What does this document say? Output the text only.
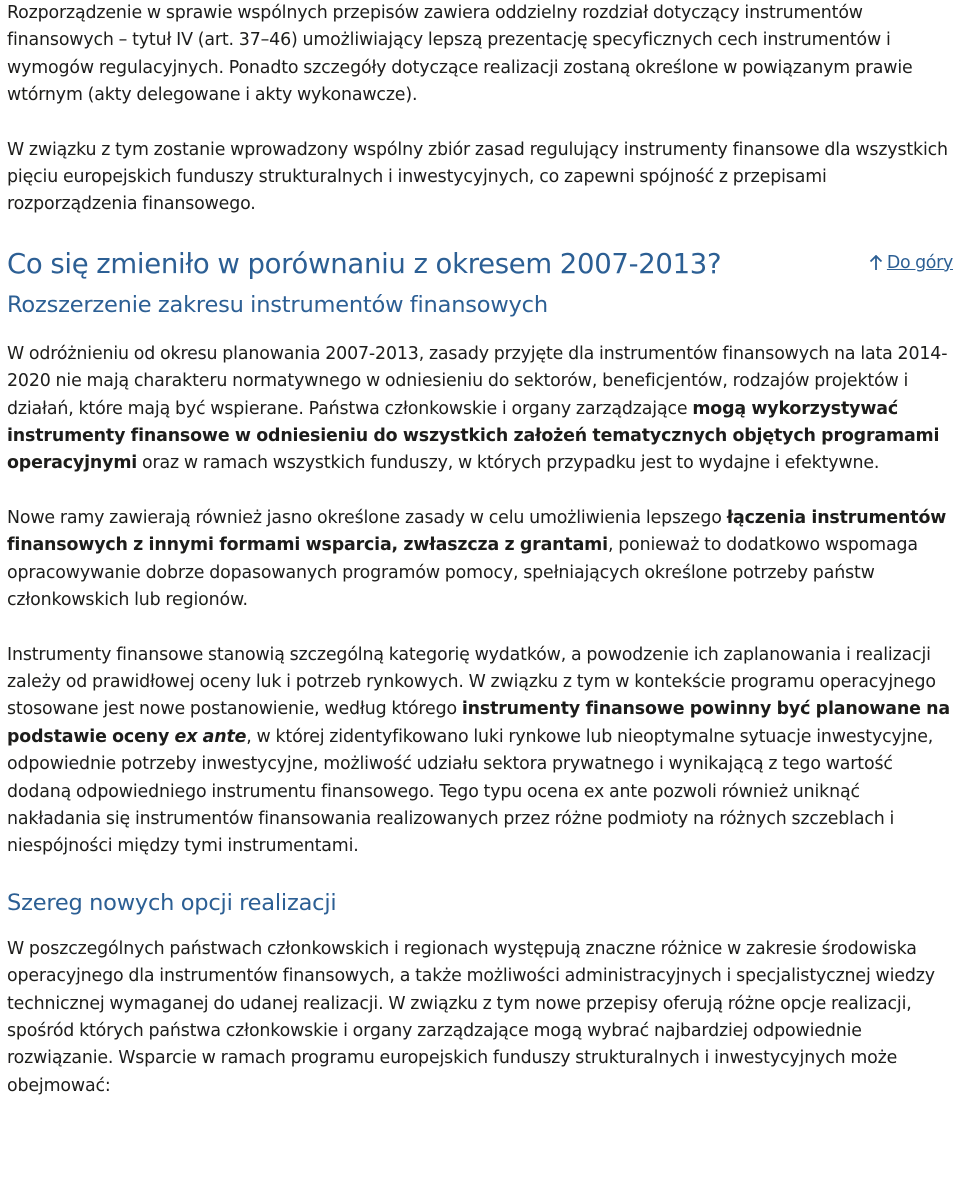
Rozporządzenie w sprawie wspólnych przepisów zawiera oddzielny rozdział dotyczący instrumentów finansowych – tytuł IV (art. 37–46) umożliwiający lepszą prezentację specyficznych cech instrumentów i wymogów regulacyjnych. Ponadto szczegóły dotyczące realizacji zostaną określone w powiązanym prawie wtórnym (akty delegowane i akty wykonawcze).

W związku z tym zostanie wprowadzony wspólny zbiór zasad regulujący instrumenty finansowe dla wszystkich pięciu europejskich funduszy strukturalnych i inwestycyjnych, co zapewni spójność z przepisami rozporządzenia finansowego.

Co się zmieniło w porównaniu z okresem 2007-2013?	Do góry
Rozszerzenie zakresu instrumentów finansowych

W odróżnieniu od okresu planowania 2007-2013, zasady przyjęte dla instrumentów finansowych na lata 2014-2020 nie mają charakteru normatywnego w odniesieniu do sektorów, beneficjentów, rodzajów projektów i działań, które mają być wspierane. Państwa członkowskie i organy zarządzające mogą wykorzystywać instrumenty finansowe w odniesieniu do wszystkich założeń tematycznych objętych programami operacyjnymi oraz w ramach wszystkich funduszy, w których przypadku jest to wydajne i efektywne.

Nowe ramy zawierają również jasno określone zasady w celu umożliwienia lepszego łączenia instrumentów finansowych z innymi formami wsparcia, zwłaszcza z grantami, ponieważ to dodatkowo wspomaga opracowywanie dobrze dopasowanych programów pomocy, spełniających określone potrzeby państw członkowskich lub regionów.

Instrumenty finansowe stanowią szczególną kategorię wydatków, a powodzenie ich zaplanowania i realizacji zależy od prawidłowej oceny luk i potrzeb rynkowych. W związku z tym w kontekście programu operacyjnego stosowane jest nowe postanowienie, według którego instrumenty finansowe powinny być planowane na podstawie oceny ex ante, w której zidentyfikowano luki rynkowe lub nieoptymalne sytuacje inwestycyjne, odpowiednie potrzeby inwestycyjne, możliwość udziału sektora prywatnego i wynikającą z tego wartość dodaną odpowiedniego instrumentu finansowego. Tego typu ocena ex ante pozwoli również uniknąć nakładania się instrumentów finansowania realizowanych przez różne podmioty na różnych szczeblach i niespójności między tymi instrumentami.

Szereg nowych opcji realizacji

W poszczególnych państwach członkowskich i regionach występują znaczne różnice w zakresie środowiska operacyjnego dla instrumentów finansowych, a także możliwości administracyjnych i specjalistycznej wiedzy technicznej wymaganej do udanej realizacji. W związku z tym nowe przepisy oferują różne opcje realizacji, spośród których państwa członkowskie i organy zarządzające mogą wybrać najbardziej odpowiednie rozwiązanie. Wsparcie w ramach programu europejskich funduszy strukturalnych i inwestycyjnych może obejmować:
